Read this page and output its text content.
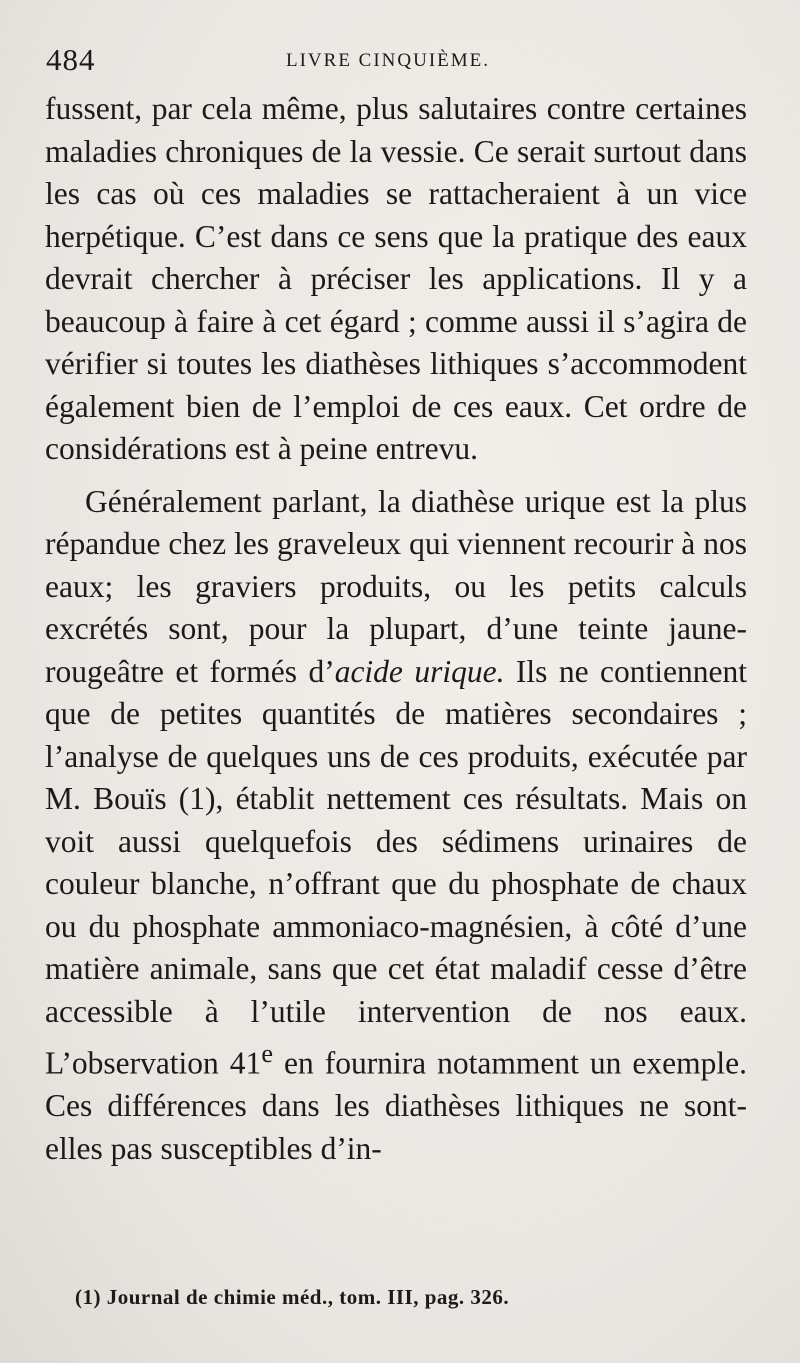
484	LIVRE CINQUIÈME.

fussent, par cela même, plus salutaires contre certaines maladies chroniques de la vessie. Ce serait surtout dans les cas où ces maladies se rattacheraient à un vice herpétique. C’est dans ce sens que la pratique des eaux devrait chercher à préciser les applications. Il y a beaucoup à faire à cet égard ; comme aussi il s’agira de vérifier si toutes les diathèses lithiques s’accommodent également bien de l’emploi de ces eaux. Cet ordre de considérations est à peine entrevu.

Généralement parlant, la diathèse urique est la plus répandue chez les graveleux qui viennent recourir à nos eaux; les graviers produits, ou les petits calculs excrétés sont, pour la plupart, d’une teinte jaune-rougeâtre et formés d’acide urique. Ils ne contiennent que de petites quantités de matières secondaires ; l’analyse de quelques uns de ces produits, exécutée par M. Bouïs (1), établit nettement ces résultats. Mais on voit aussi quelquefois des sédimens urinaires de couleur blanche, n’offrant que du phosphate de chaux ou du phosphate ammoniaco-magnésien, à côté d’une matière animale, sans que cet état maladif cesse d’être accessible à l’utile intervention de nos eaux. L’observation 41e en fournira notamment un exemple. Ces différences dans les diathèses lithiques ne sont-elles pas susceptibles d’in-

(1) Journal de chimie méd., tom. III, pag. 326.
